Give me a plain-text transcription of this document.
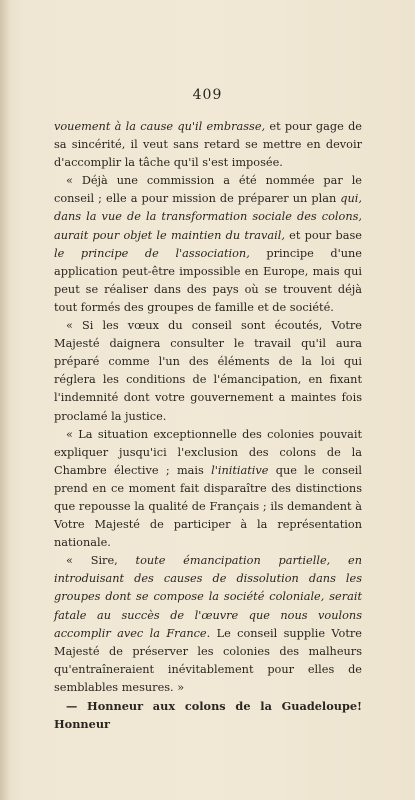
409

vouement à la cause qu'il embrasse, et pour gage de sa sincérité, il veut sans retard se mettre en devoir d'accomplir la tâche qu'il s'est imposée.

« Déjà une commission a été nommée par le conseil ; elle a pour mission de préparer un plan qui, dans la vue de la transformation sociale des colons, aurait pour objet le maintien du travail, et pour base le principe de l'association, principe d'une application peut-être impossible en Europe, mais qui peut se réaliser dans des pays où se trouvent déjà tout formés des groupes de famille et de société.

« Si les vœux du conseil sont écoutés, Votre Majesté daignera consulter le travail qu'il aura préparé comme l'un des éléments de la loi qui réglera les conditions de l'émancipation, en fixant l'indemnité dont votre gouvernement a maintes fois proclamé la justice.

« La situation exceptionnelle des colonies pouvait expliquer jusqu'ici l'exclusion des colons de la Chambre élective ; mais l'initiative que le conseil prend en ce moment fait disparaître des distinctions que repousse la qualité de Français ; ils demandent à Votre Majesté de participer à la représentation nationale.

« Sire, toute émancipation partielle, en introduisant des causes de dissolution dans les groupes dont se compose la société coloniale, serait fatale au succès de l'œuvre que nous voulons accomplir avec la France. Le conseil supplie Votre Majesté de préserver les colonies des malheurs qu'entraîneraient inévitablement pour elles de semblables mesures. »

— Honneur aux colons de la Guadeloupe! Honneur
